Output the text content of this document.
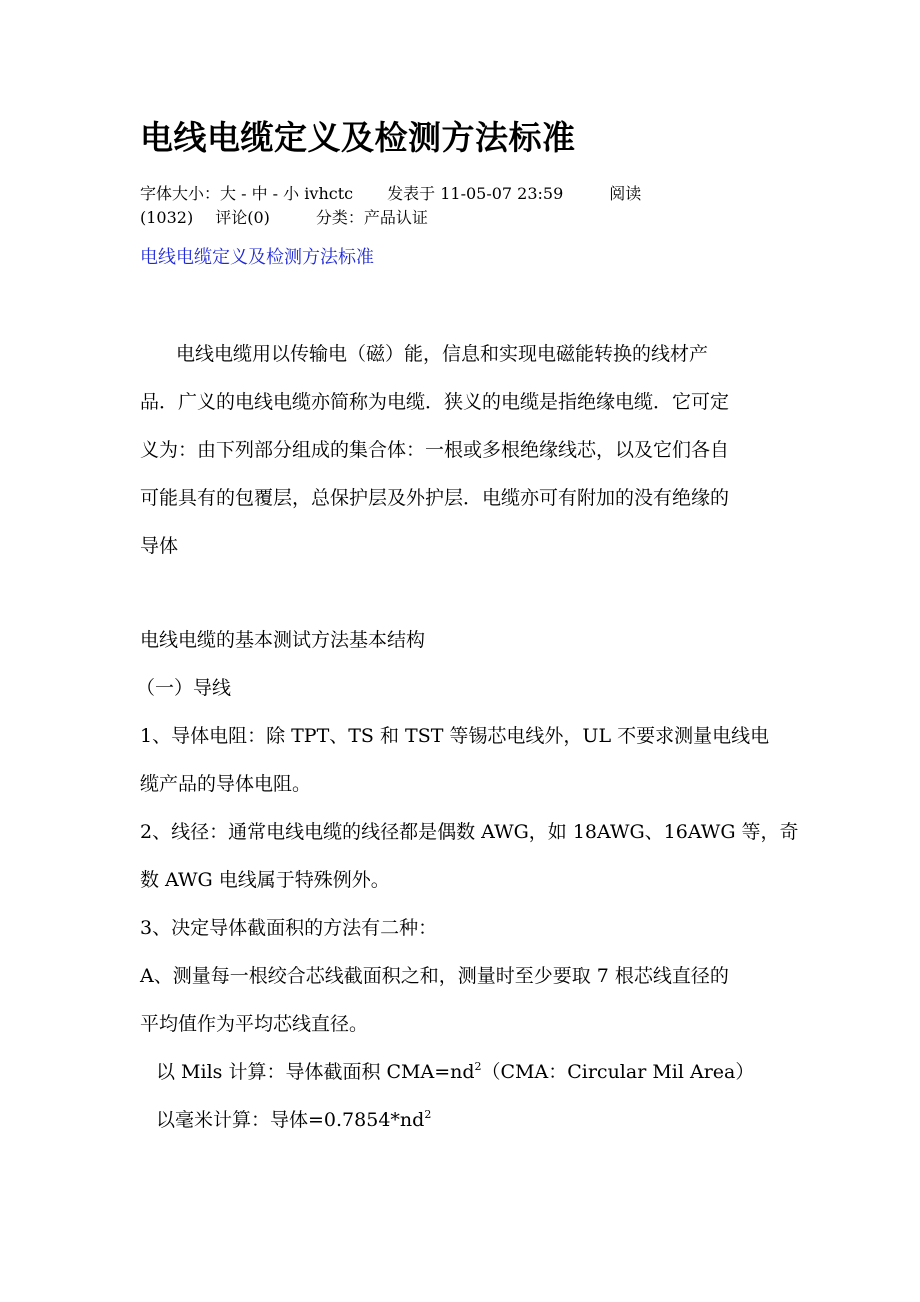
电线电缆定义及检测方法标准
字体大小：大 - 中 - 小 ivhctc 发表于 11-05-07 23:59	阅读
(1032) 评论(0)	分类：产品认证
电线电缆定义及检测方法标准
电线电缆用以传输电（磁）能，信息和实现电磁能转换的线材产
品．广义的电线电缆亦简称为电缆．狭义的电缆是指绝缘电缆．它可定
义为：由下列部分组成的集合体：一根或多根绝缘线芯，以及它们各自
可能具有的包覆层，总保护层及外护层．电缆亦可有附加的没有绝缘的
导体
电线电缆的基本测试方法基本结构
（一）导线
1、导体电阻：除 TPT、TS 和 TST 等锡芯电线外，UL 不要求测量电线电
缆产品的导体电阻。
2、线径：通常电线电缆的线径都是偶数 AWG，如 18AWG、16AWG 等，奇
数 AWG 电线属于特殊例外。
3、决定导体截面积的方法有二种：
A、测量每一根绞合芯线截面积之和，测量时至少要取 7 根芯线直径的
平均值作为平均芯线直径。
以 Mils 计算：导体截面积 $CMA=nd^2(CMA$：Circular Mil Area）
以毫米计算：导体$=0.7854*nd^2$
